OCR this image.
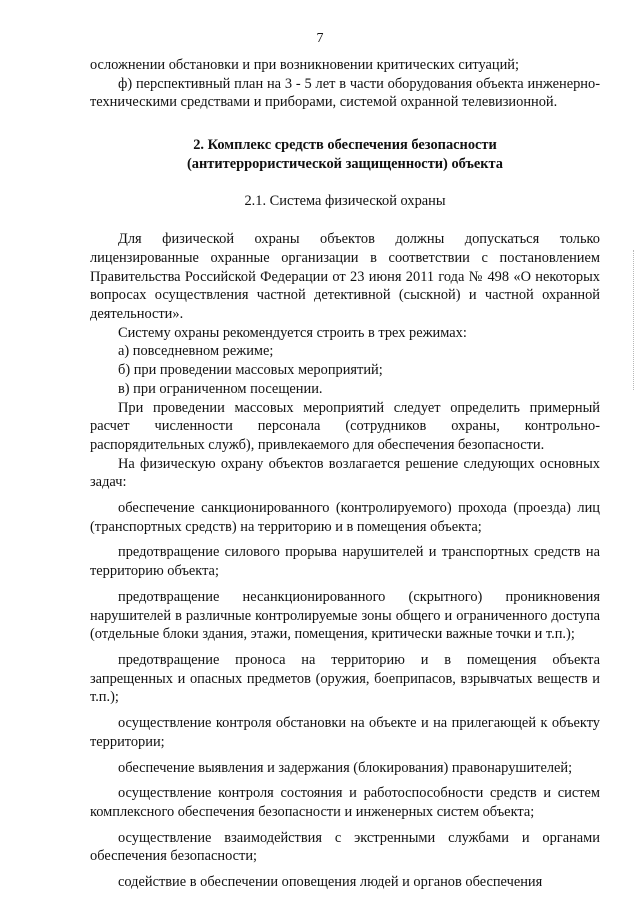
7

осложнении обстановки и при возникновении критических ситуаций;

ф) перспективный план на 3 - 5 лет в части оборудования объекта инженерно-техническими средствами и приборами, системой охранной телевизионной.

2. Комплекс средств обеспечения безопасности
(антитеррористической защищенности) объекта

2.1. Система физической охраны

Для физической охраны объектов должны допускаться только лицензированные охранные организации в соответствии с постановлением Правительства Российской Федерации от 23 июня 2011 года № 498 «О некоторых вопросах осуществления частной детективной (сыскной) и частной охранной деятельности».

Систему охраны рекомендуется строить в трех режимах:

а) повседневном режиме;

б) при проведении массовых мероприятий;

в) при ограниченном посещении.

При проведении массовых мероприятий следует определить примерный расчет численности персонала (сотрудников охраны, контрольно-распорядительных служб), привлекаемого для обеспечения безопасности.

На физическую охрану объектов возлагается решение следующих основных задач:

обеспечение санкционированного (контролируемого) прохода (проезда) лиц (транспортных средств) на территорию и в помещения объекта;

предотвращение силового прорыва нарушителей и транспортных средств на территорию объекта;

предотвращение несанкционированного (скрытного) проникновения нарушителей в различные контролируемые зоны общего и ограниченного доступа (отдельные блоки здания, этажи, помещения, критически важные точки и т.п.);

предотвращение проноса на территорию и в помещения объекта запрещенных и опасных предметов (оружия, боеприпасов, взрывчатых веществ и т.п.);

осуществление контроля обстановки на объекте и на прилегающей к объекту территории;

обеспечение выявления и задержания (блокирования) правонарушителей;

осуществление контроля состояния и работоспособности средств и систем комплексного обеспечения безопасности и инженерных систем объекта;

осуществление взаимодействия с экстренными службами и органами обеспечения безопасности;

содействие в обеспечении оповещения людей и органов обеспечения
